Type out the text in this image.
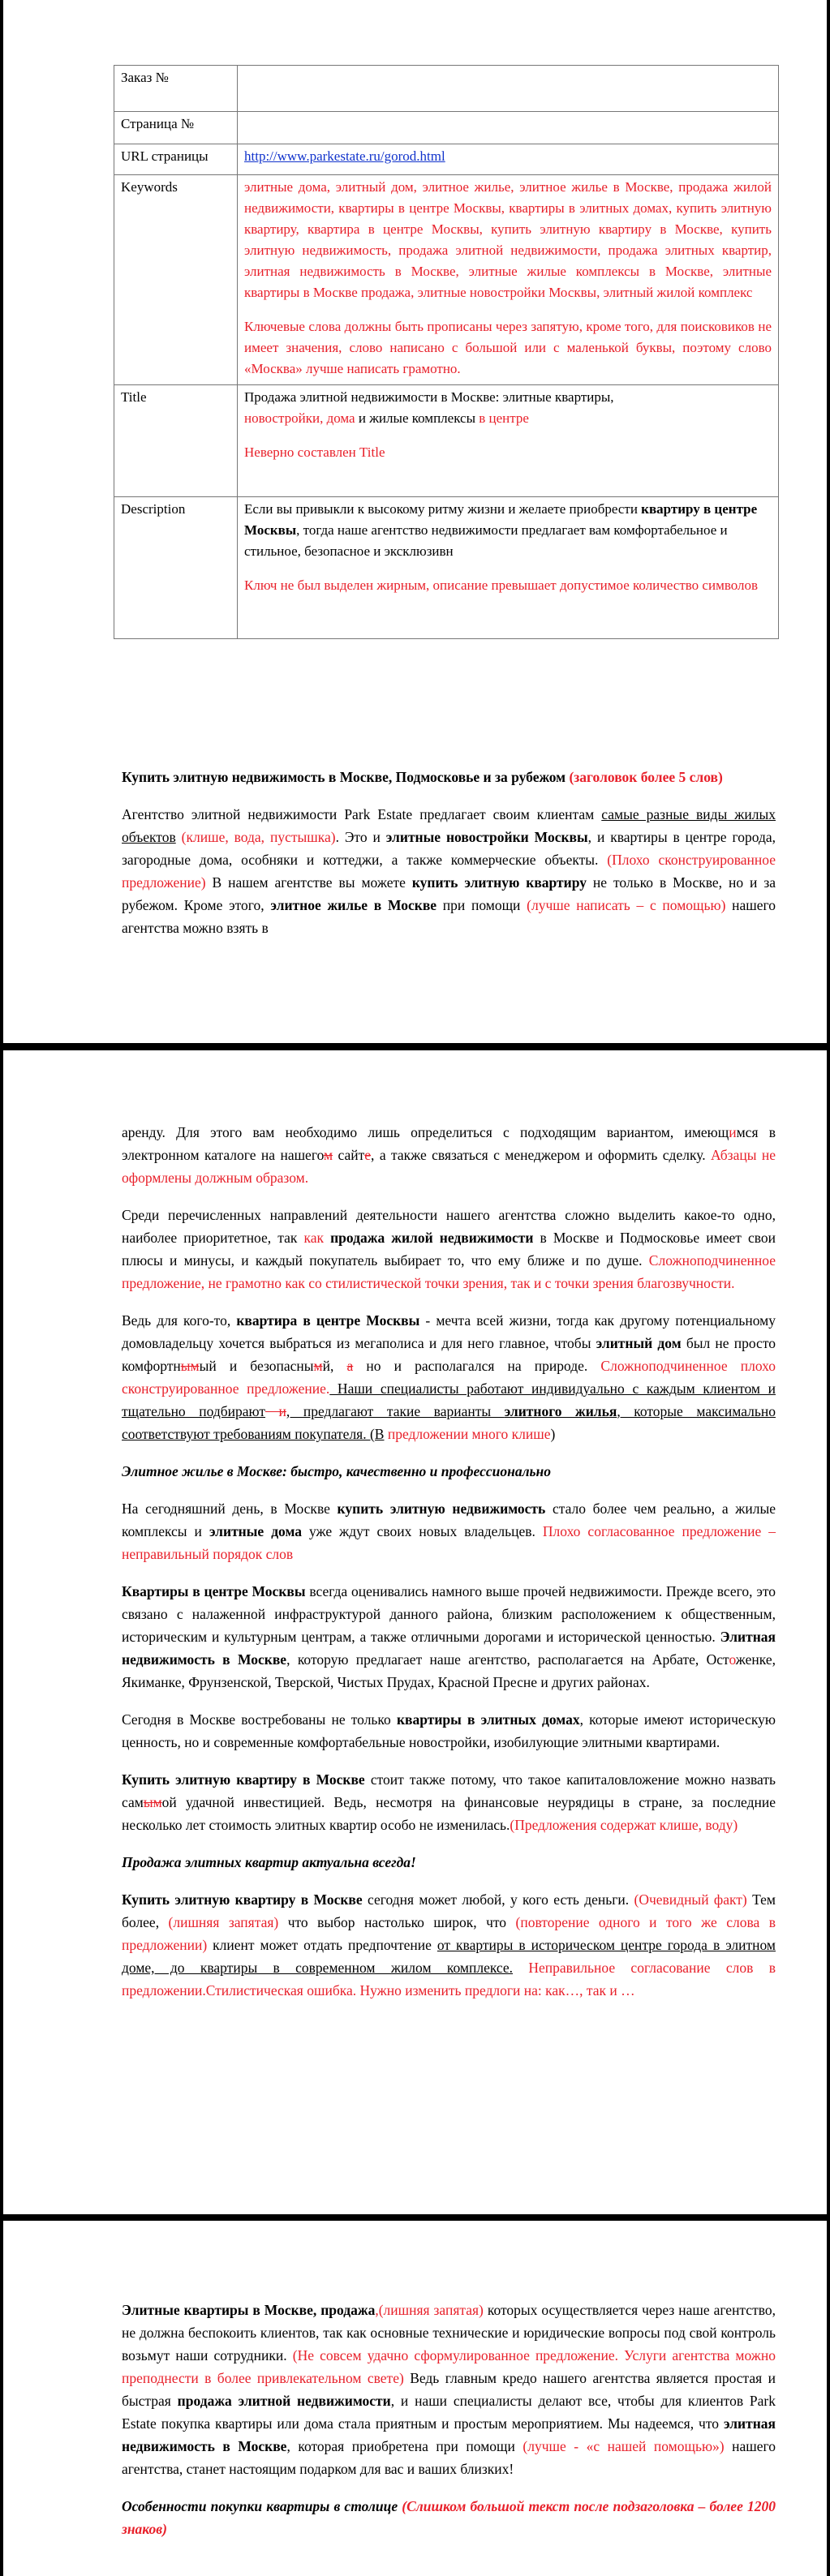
Заказ №	
Страница №	
URL страницы	http://www.parkestate.ru/gorod.html
Keywords	элитные дома, элитный дом, элитное жилье, элитное жилье в Москве, продажа жилой недвижимости, квартиры в центре Москвы, квартиры в элитных домах, купить элитную квартиру, квартира в центре Москвы, купить элитную квартиру в Москве, купить элитную недвижимость, продажа элитной недвижимости, продажа элитных квартир, элитная недвижимость в Москве, элитные жилые комплексы в Москве, элитные квартиры в Москве продажа, элитные новостройки Москвы, элитный жилой комплекс
Ключевые слова должны быть прописаны через запятую, кроме того, для поисковиков не имеет значения, слово написано с большой или с маленькой буквы, поэтому слово «Москва» лучше написать грамотно.

Title	Продажа элитной недвижимости в Москве: элитные квартиры,
новостройки, дома и жилые комплексы в центре
Неверно составлен Title

Description	Если вы привыкли к высокому ритму жизни и желаете приобрести квартиру в центре Москвы, тогда наше агентство недвижимости предлагает вам комфортабельное и стильное, безопасное и эксклюзивн
Ключ не был выделен жирным, описание превышает допустимое количество символов

Купить элитную недвижимость в Москве, Подмосковье и за рубежом (заголовок более 5 слов)

Агентство элитной недвижимости Park Estate предлагает своим клиентам самые разные виды жилых объектов (клише, вода, пустышка). Это и элитные новостройки Москвы, и квартиры в центре города, загородные дома, особняки и коттеджи, а также коммерческие объекты. (Плохо сконструированное предложение) В нашем агентстве вы можете купить элитную квартиру не только в Москве, но и за рубежом. Кроме этого, элитное жилье в Москве при помощи (лучше написать – с помощью) нашего агентства можно взять в

аренду. Для этого вам необходимо лишь определиться с подходящим вариантом, имеющимся в электронном каталоге на нашегом сайте, а также связаться с менеджером и оформить сделку. Абзацы не оформлены должным образом.

Среди перечисленных направлений деятельности нашего агентства сложно выделить какое-то одно, наиболее приоритетное, так как продажа жилой недвижимости в Москве и Подмосковье имеет свои плюсы и минусы, и каждый покупатель выбирает то, что ему ближе и по душе. Сложноподчиненное предложение, не грамотно как со стилистической точки зрения, так и с точки зрения благозвучности.

Ведь для кого-то, квартира в центре Москвы - мечта всей жизни, тогда как другому потенциальному домовладельцу хочется выбраться из мегаполиса и для него главное, чтобы элитный дом был не просто комфортнымый и безопаснымй, а но и располагался на природе. Сложноподчиненное плохо сконструированное предложение. Наши специалисты работают индивидуально с каждым клиентом и тщательно подбирают и, предлагают такие варианты элитного жилья, которые максимально соответствуют требованиям покупателя. (В предложении много клише)

Элитное жилье в Москве: быстро, качественно и профессионально

На сегодняшний день, в Москве купить элитную недвижимость стало более чем реально, а жилые комплексы и элитные дома уже ждут своих новых владельцев. Плохо согласованное предложение – неправильный порядок слов

Квартиры в центре Москвы всегда оценивались намного выше прочей недвижимости. Прежде всего, это связано с налаженной инфраструктурой данного района, близким расположением к общественным, историческим и культурным центрам, а также отличными дорогами и исторической ценностью. Элитная недвижимость в Москве, которую предлагает наше агентство, располагается на Арбате, Остоженке, Якиманке, Фрунзенской, Тверской, Чистых Прудах, Красной Пресне и других районах.

Сегодня в Москве востребованы не только квартиры в элитных домах, которые имеют историческую ценность, но и современные комфортабельные новостройки, изобилующие элитными квартирами.

Купить элитную квартиру в Москве стоит также потому, что такое капиталовложение можно назвать самымой удачной инвестицией. Ведь, несмотря на финансовые неурядицы в стране, за последние несколько лет стоимость элитных квартир особо не изменилась.(Предложения содержат клише, воду)

Продажа элитных квартир актуальна всегда!

Купить элитную квартиру в Москве сегодня может любой, у кого есть деньги. (Очевидный факт) Тем более, (лишняя запятая) что выбор настолько широк, что (повторение одного и того же слова в предложении) клиент может отдать предпочтение от квартиры в историческом центре города в элитном доме, до квартиры в современном жилом комплексе. Неправильное согласование слов в предложении.Стилистическая ошибка. Нужно изменить предлоги на: как…, так и …

Элитные квартиры в Москве, продажа,(лишняя запятая) которых осуществляется через наше агентство, не должна беспокоить клиентов, так как основные технические и юридические вопросы под свой контроль возьмут наши сотрудники. (Не совсем удачно сформулированное предложение. Услуги агентства можно преподнести в более привлекательном свете) Ведь главным кредо нашего агентства является простая и быстрая продажа элитной недвижимости, и наши специалисты делают все, чтобы для клиентов Park Estate покупка квартиры или дома стала приятным и простым мероприятием. Мы надеемся, что элитная недвижимость в Москве, которая приобретена при помощи (лучше - «с нашей помощью») нашего агентства, станет настоящим подарком для вас и ваших близких!

Особенности покупки квартиры в столице (Слишком большой текст после подзаголовка – более 1200 знаков)
